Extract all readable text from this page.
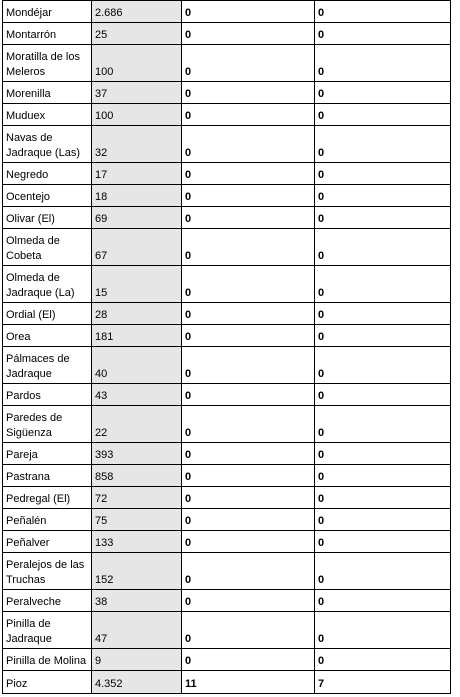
Mondéjar	2.686	0	0
Montarrón	25	0	0
Moratilla de los Meleros	100	0	0
Morenilla	37	0	0
Muduex	100	0	0
Navas de Jadraque (Las)	32	0	0
Negredo	17	0	0
Ocentejo	18	0	0
Olivar (El)	69	0	0
Olmeda de Cobeta	67	0	0
Olmeda de Jadraque (La)	15	0	0
Ordial (El)	28	0	0
Orea	181	0	0
Pálmaces de Jadraque	40	0	0
Pardos	43	0	0
Paredes de Sigüenza	22	0	0
Pareja	393	0	0
Pastrana	858	0	0
Pedregal (El)	72	0	0
Peñalén	75	0	0
Peñalver	133	0	0
Peralejos de las Truchas	152	0	0
Peralveche	38	0	0
Pinilla de Jadraque	47	0	0
Pinilla de Molina	9	0	0
Pioz	4.352	11	7
